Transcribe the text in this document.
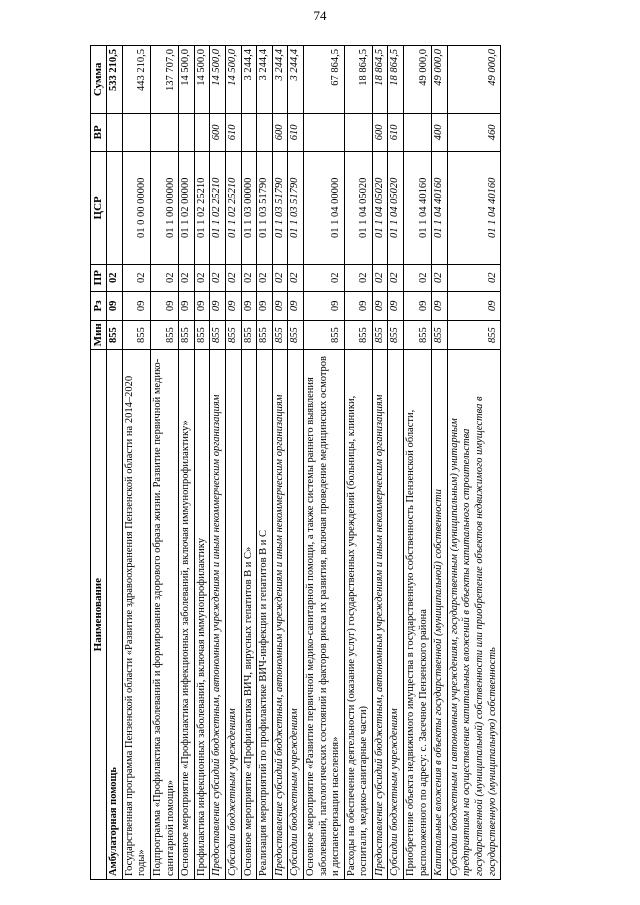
74
Наименование	Мин	Рз	ПР	ЦСР	ВР	Сумма
Амбулаторная помощь	855	09	02			533 210,5
Государственная программа Пензенской области «Развитие здравоохранения Пензенской области на 2014–2020 годы»	855	09	02	01 0 00 00000		443 210,5
Подпрограмма «Профилактика заболеваний и формирование здорового образа жизни. Развитие первичной медико-санитарной помощи»	855	09	02	01 1 00 00000		137 707,0
Основное мероприятие «Профилактика инфекционных заболеваний, включая иммунопрофилактику»	855	09	02	01 1 02 00000		14 500,0
Профилактика инфекционных заболеваний, включая иммунопрофилактику	855	09	02	01 1 02 25210		14 500,0
Предоставление субсидий бюджетным, автономным учреждениям и иным некоммерческим организациям	855	09	02	01 1 02 25210	600	14 500,0
Субсидии бюджетным учреждениям	855	09	02	01 1 02 25210	610	14 500,0
Основное мероприятие «Профилактика ВИЧ, вирусных гепатитов В и С»	855	09	02	01 1 03 00000		3 244,4
Реализация мероприятий по профилактике ВИЧ-инфекции и гепатитов В и С	855	09	02	01 1 03 51790		3 244,4
Предоставление субсидий бюджетным, автономным учреждениям и иным некоммерческим организациям	855	09	02	01 1 03 51790	600	3 244,4
Субсидии бюджетным учреждениям	855	09	02	01 1 03 51790	610	3 244,4
Основное мероприятие «Развитие первичной медико-санитарной помощи, а также системы раннего выявления заболеваний, патологических состояний и факторов риска их развития, включая проведение медицинских осмотров и диспансеризации населения»	855	09	02	01 1 04 00000		67 864,5
Расходы на обеспечение деятельности (оказание услуг) государственных учреждений (больницы, клиники, госпитали, медико-санитарные части)	855	09	02	01 1 04 05020		18 864,5
Предоставление субсидий бюджетным, автономным учреждениям и иным некоммерческим организациям	855	09	02	01 1 04 05020	600	18 864,5
Субсидии бюджетным учреждениям	855	09	02	01 1 04 05020	610	18 864,5
Приобретение объекта недвижимого имущества в государственную собственность Пензенской области, расположенного по адресу: с. Засечное Пензенского района	855	09	02	01 1 04 40160		49 000,0
Капитальные вложения в объекты государственной (муниципальной) собственности	855	09	02	01 1 04 40160	400	49 000,0
Субсидии бюджетным и автономным учреждениям, государственным (муниципальным) унитарным предприятиям на осуществление капитальных вложений в объекты капитального строительства государственной (муниципальной) собственности или приобретение объектов недвижимого имущества в государственную (муниципальную) собственность	855	09	02	01 1 04 40160	460	49 000,0
